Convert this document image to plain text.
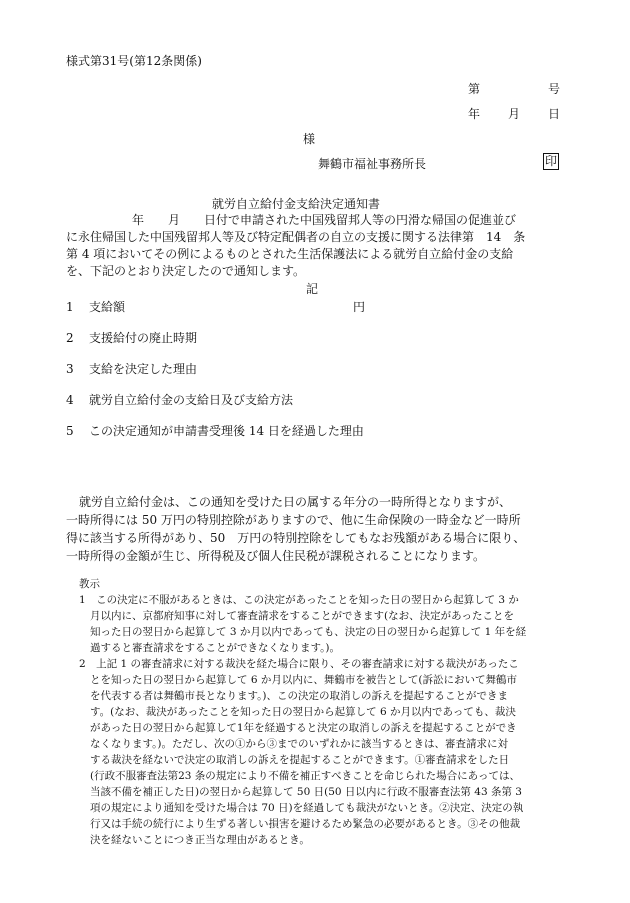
様式第31号(第12条関係)
第	号
年 月 日
様
舞鶴市福祉事務所長	印
就労自立給付金支給決定通知書
年　　月　　日付で申請された中国残留邦人等の円滑な帰国の促進並び
に永住帰国した中国残留邦人等及び特定配偶者の自立の支援に関する法律第　14　条
第 4 項においてその例によるものとされた生活保護法による就労自立給付金の支給
を、下記のとおり決定したので通知します。
記
1 支給額	円
2 支援給付の廃止時期
3 支給を決定した理由
4 就労自立給付金の支給日及び支給方法
5 この決定通知が申請書受理後 14 日を経過した理由
就労自立給付金は、この通知を受けた日の属する年分の一時所得となりますが、
一時所得には 50 万円の特別控除がありますので、他に生命保険の一時金など一時所
得に該当する所得があり、50　万円の特別控除をしてもなお残額がある場合に限り、
一時所得の金額が生じ、所得税及び個人住民税が課税されることになります。
教示
1　この決定に不服があるときは、この決定があったことを知った日の翌日から起算して 3 か
月以内に、京都府知事に対して審査請求をすることができます(なお、決定があったことを
知った日の翌日から起算して 3 か月以内であっても、決定の日の翌日から起算して 1 年を経
過すると審査請求をすることができなくなります。)。
2　上記 1 の審査請求に対する裁決を経た場合に限り、その審査請求に対する裁決があったこ
とを知った日の翌日から起算して 6 か月以内に、舞鶴市を被告として(訴訟において舞鶴市
を代表する者は舞鶴市長となります。)、この決定の取消しの訴えを提起することができま
す。(なお、裁決があったことを知った日の翌日から起算して 6 か月以内であっても、裁決
があった日の翌日から起算して1年を経過すると決定の取消しの訴えを提起することができ
なくなります。)。ただし、次の①から③までのいずれかに該当するときは、審査請求に対
する裁決を経ないで決定の取消しの訴えを提起することができます。①審査請求をした日
(行政不服審査法第23 条の規定により不備を補正すべきことを命じられた場合にあっては、
当該不備を補正した日)の翌日から起算して 50 日(50 日以内に行政不服審査法第 43 条第 3
項の規定により通知を受けた場合は 70 日)を経過しても裁決がないとき。②決定、決定の執
行又は手続の続行により生ずる著しい損害を避けるため緊急の必要があるとき。③その他裁
決を経ないことにつき正当な理由があるとき。
